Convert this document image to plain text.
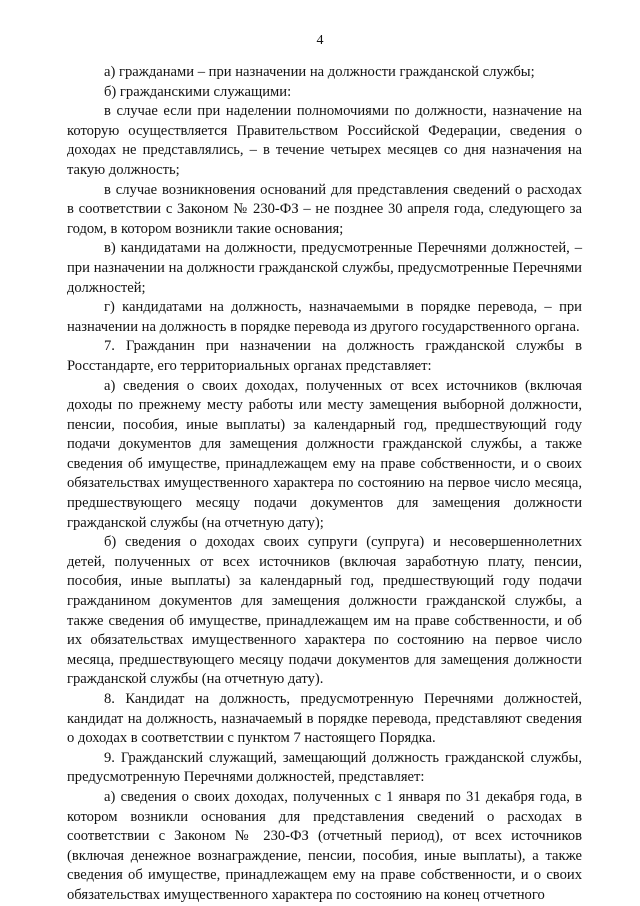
4

а) гражданами – при назначении на должности гражданской службы;

б) гражданскими служащими:

в случае если при наделении полномочиями по должности, назначение на которую осуществляется Правительством Российской Федерации, сведения о доходах не представлялись, – в течение четырех месяцев со дня назначения на такую должность;

в случае возникновения оснований для представления сведений о расходах в соответствии с Законом № 230-ФЗ – не позднее 30 апреля года, следующего за годом, в котором возникли такие основания;

в) кандидатами на должности, предусмотренные Перечнями должностей, – при назначении на должности гражданской службы, предусмотренные Перечнями должностей;

г) кандидатами на должность, назначаемыми в порядке перевода, – при назначении на должность в порядке перевода из другого государственного органа.

7. Гражданин при назначении на должность гражданской службы в Росстандарте, его территориальных органах представляет:

а) сведения о своих доходах, полученных от всех источников (включая доходы по прежнему месту работы или месту замещения выборной должности, пенсии, пособия, иные выплаты) за календарный год, предшествующий году подачи документов для замещения должности гражданской службы, а также сведения об имуществе, принадлежащем ему на праве собственности, и о своих обязательствах имущественного характера по состоянию на первое число месяца, предшествующего месяцу подачи документов для замещения должности гражданской службы (на отчетную дату);

б) сведения о доходах своих супруги (супруга) и несовершеннолетних детей, полученных от всех источников (включая заработную плату, пенсии, пособия, иные выплаты) за календарный год, предшествующий году подачи гражданином документов для замещения должности гражданской службы, а также сведения об имуществе, принадлежащем им на праве собственности, и об их обязательствах имущественного характера по состоянию на первое число месяца, предшествующего месяцу подачи документов для замещения должности гражданской службы (на отчетную дату).

8. Кандидат на должность, предусмотренную Перечнями должностей, кандидат на должность, назначаемый в порядке перевода, представляют сведения о доходах в соответствии с пунктом 7 настоящего Порядка.

9. Гражданский служащий, замещающий должность гражданской службы, предусмотренную Перечнями должностей, представляет:

а) сведения о своих доходах, полученных с 1 января по 31 декабря года, в котором возникли основания для представления сведений о расходах в соответствии с Законом № 230-ФЗ (отчетный период), от всех источников (включая денежное вознаграждение, пенсии, пособия, иные выплаты), а также сведения об имуществе, принадлежащем ему на праве собственности, и о своих обязательствах имущественного характера по состоянию на конец отчетного
